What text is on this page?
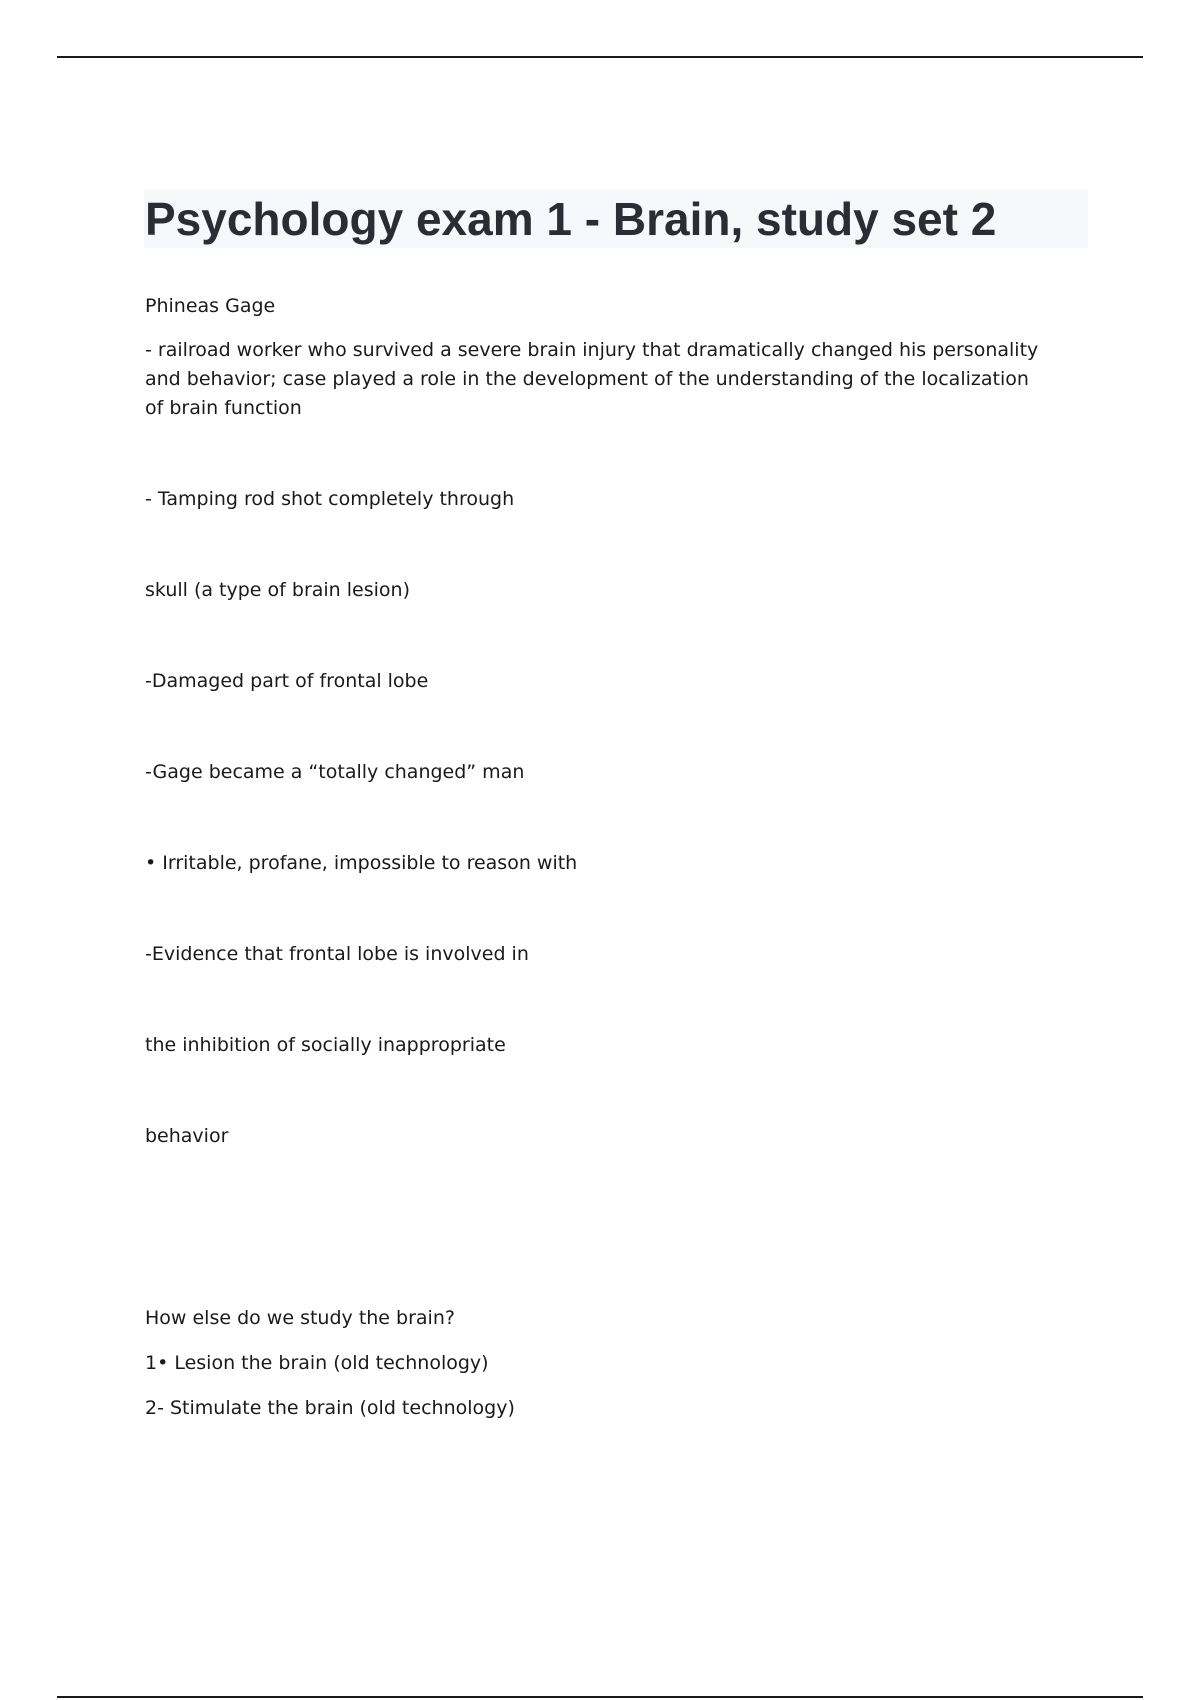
Psychology exam 1 - Brain, study set 2

Phineas Gage

- railroad worker who survived a severe brain injury that dramatically changed his personality and behavior; case played a role in the development of the understanding of the localization of brain function

- Tamping rod shot completely through

skull (a type of brain lesion)

-Damaged part of frontal lobe

-Gage became a “totally changed” man

• Irritable, profane, impossible to reason with

-Evidence that frontal lobe is involved in

the inhibition of socially inappropriate

behavior

How else do we study the brain?

1• Lesion the brain (old technology)

2- Stimulate the brain (old technology)
